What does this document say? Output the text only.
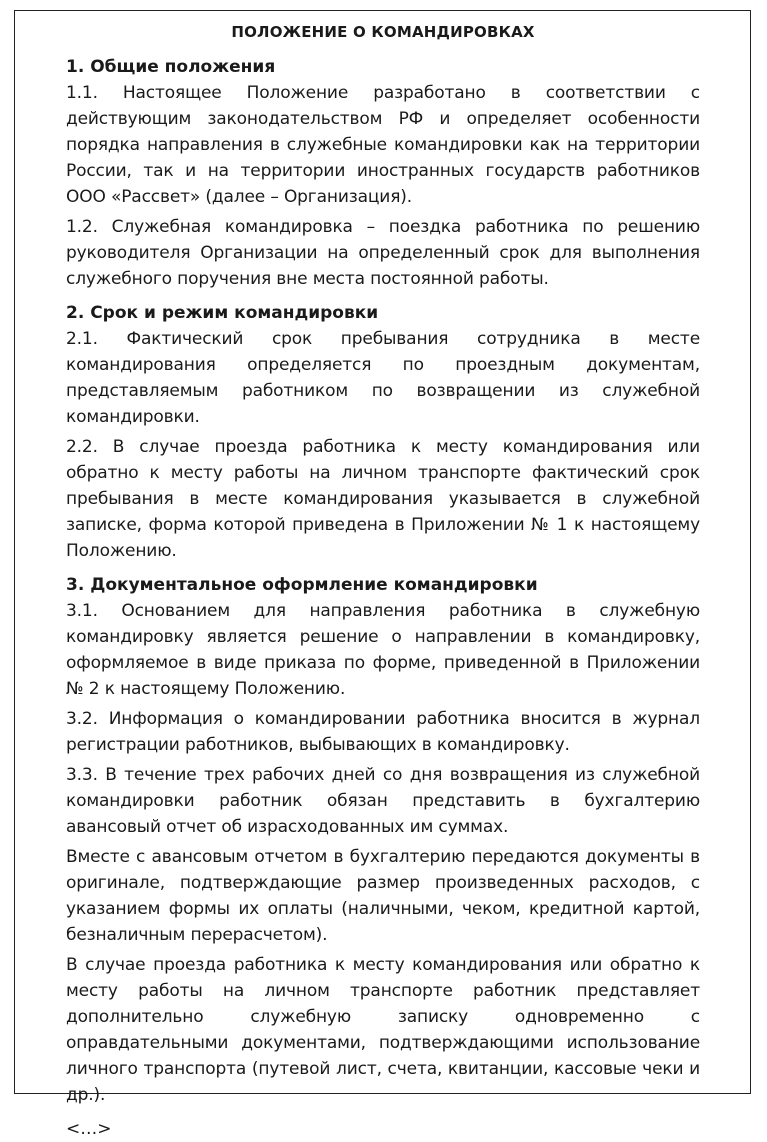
ПОЛОЖЕНИЕ О КОМАНДИРОВКАХ

1. Общие положения

1.1. Настоящее Положение разработано в соответствии с действующим законодательством РФ и определяет особенности порядка направления в служебные командировки как на территории России, так и на территории иностранных государств работников ООО «Рассвет» (далее – Организация).

1.2. Служебная командировка – поездка работника по решению руководителя Организации на определенный срок для выполнения служебного поручения вне места постоянной работы.

2. Срок и режим командировки

2.1. Фактический срок пребывания сотрудника в месте командирования определяется по проездным документам, представляемым работником по возвращении из служебной командировки.

2.2. В случае проезда работника к месту командирования или обратно к месту работы на личном транспорте фактический срок пребывания в месте командирования указывается в служебной записке, форма которой приведена в Приложении № 1 к настоящему Положению.

3. Документальное оформление командировки

3.1. Основанием для направления работника в служебную командировку является решение о направлении в командировку, оформляемое в виде приказа по форме, приведенной в Приложении № 2 к настоящему Положению.

3.2. Информация о командировании работника вносится в журнал регистрации работников, выбывающих в командировку.

3.3. В течение трех рабочих дней со дня возвращения из служебной командировки работник обязан представить в бухгалтерию авансовый отчет об израсходованных им суммах.

Вместе с авансовым отчетом в бухгалтерию передаются документы в оригинале, подтверждающие размер произведенных расходов, с указанием формы их оплаты (наличными, чеком, кредитной картой, безналичным перерасчетом).

В случае проезда работника к месту командирования или обратно к месту работы на личном транспорте работник представляет дополнительно служебную записку одновременно с оправдательными документами, подтверждающими использование личного транспорта (путевой лист, счета, квитанции, кассовые чеки и др.).

<…>
